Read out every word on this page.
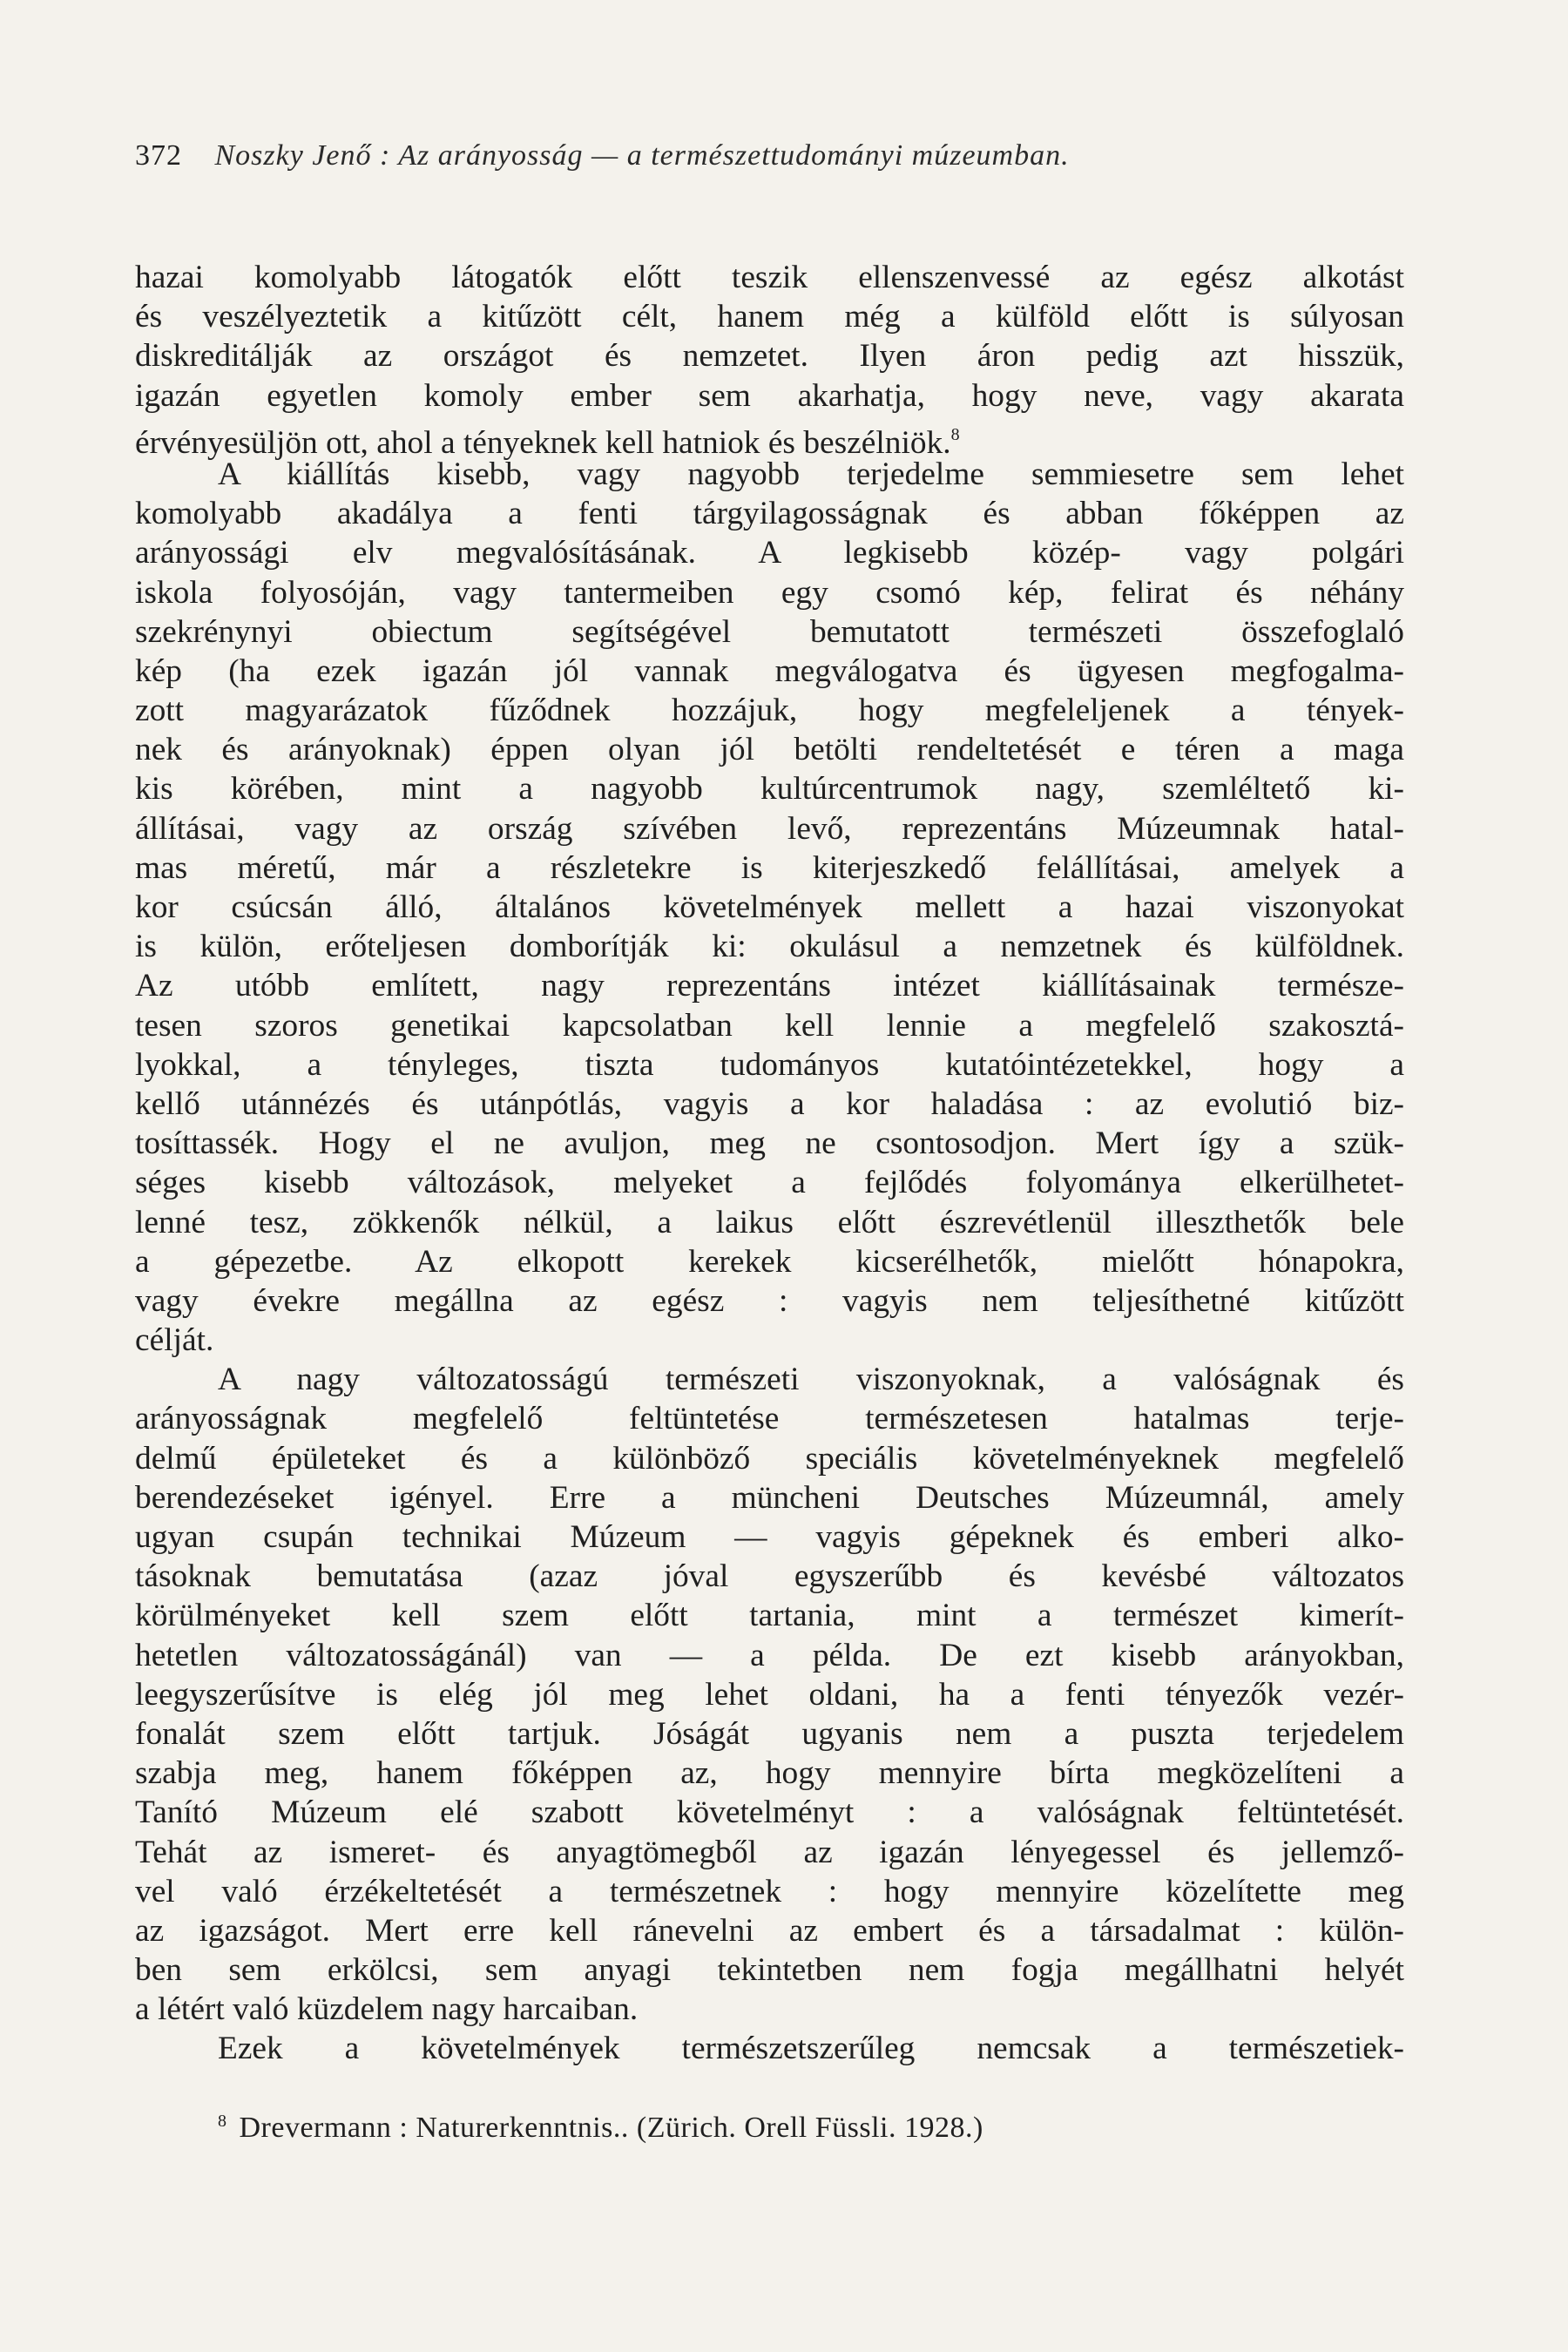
372 Noszky Jenő : Az arányosság — a természettudományi múzeumban.
hazai komolyabb látogatók előtt teszik ellenszenvessé az egész alkotást
és veszélyeztetik a kitűzött célt, hanem még a külföld előtt is súlyosan
diskreditálják az országot és nemzetet. Ilyen áron pedig azt hisszük,
igazán egyetlen komoly ember sem akarhatja, hogy neve, vagy akarata
érvényesüljön ott, ahol a tényeknek kell hatniok és beszélniök.$^8$
A kiállítás kisebb, vagy nagyobb terjedelme semmiesetre sem lehet
komolyabb akadálya a fenti tárgyilagosságnak és abban főképpen az
arányossági elv megvalósításának. A legkisebb közép- vagy polgári
iskola folyosóján, vagy tantermeiben egy csomó kép, felirat és néhány
szekrénynyi obiectum segítségével bemutatott természeti összefoglaló
kép (ha ezek igazán jól vannak megválogatva és ügyesen megfogalma-
zott magyarázatok fűződnek hozzájuk, hogy megfeleljenek a tények-
nek és arányoknak) éppen olyan jól betölti rendeltetését e téren a maga
kis körében, mint a nagyobb kultúrcentrumok nagy, szemléltető ki-
állításai, vagy az ország szívében levő, reprezentáns Múzeumnak hatal-
mas méretű, már a részletekre is kiterjeszkedő felállításai, amelyek a
kor csúcsán álló, általános követelmények mellett a hazai viszonyokat
is külön, erőteljesen domborítják ki: okulásul a nemzetnek és külföldnek.
Az utóbb említett, nagy reprezentáns intézet kiállításainak természe-
tesen szoros genetikai kapcsolatban kell lennie a megfelelő szakosztá-
lyokkal, a tényleges, tiszta tudományos kutatóintézetekkel, hogy a
kellő utánnézés és utánpótlás, vagyis a kor haladása : az evolutió biz-
tosíttassék. Hogy el ne avuljon, meg ne csontosodjon. Mert így a szük-
séges kisebb változások, melyeket a fejlődés folyománya elkerülhetet-
lenné tesz, zökkenők nélkül, a laikus előtt észrevétlenül illeszthetők bele
a gépezetbe. Az elkopott kerekek kicserélhetők, mielőtt hónapokra,
vagy évekre megállna az egész : vagyis nem teljesíthetné kitűzött
célját.
A nagy változatosságú természeti viszonyoknak, a valóságnak és
arányosságnak megfelelő feltüntetése természetesen hatalmas terje-
delmű épületeket és a különböző speciális követelményeknek megfelelő
berendezéseket igényel. Erre a müncheni Deutsches Múzeumnál, amely
ugyan csupán technikai Múzeum — vagyis gépeknek és emberi alko-
tásoknak bemutatása (azaz jóval egyszerűbb és kevésbé változatos
körülményeket kell szem előtt tartania, mint a természet kimerít-
hetetlen változatosságánál) van — a példa. De ezt kisebb arányokban,
leegyszerűsítve is elég jól meg lehet oldani, ha a fenti tényezők vezér-
fonalát szem előtt tartjuk. Jóságát ugyanis nem a puszta terjedelem
szabja meg, hanem főképpen az, hogy mennyire bírta megközelíteni a
Tanító Múzeum elé szabott követelményt : a valóságnak feltüntetését.
Tehát az ismeret- és anyagtömegből az igazán lényegessel és jellemző-
vel való érzékeltetését a természetnek : hogy mennyire közelítette meg
az igazságot. Mert erre kell ránevelni az embert és a társadalmat : külön-
ben sem erkölcsi, sem anyagi tekintetben nem fogja megállhatni helyét
a létért való küzdelem nagy harcaiban.
Ezek a követelmények természetszerűleg nemcsak a természetiek-
$^8$ Drevermann : Naturerkenntnis.. (Zürich. Orell Füssli. 1928.)
